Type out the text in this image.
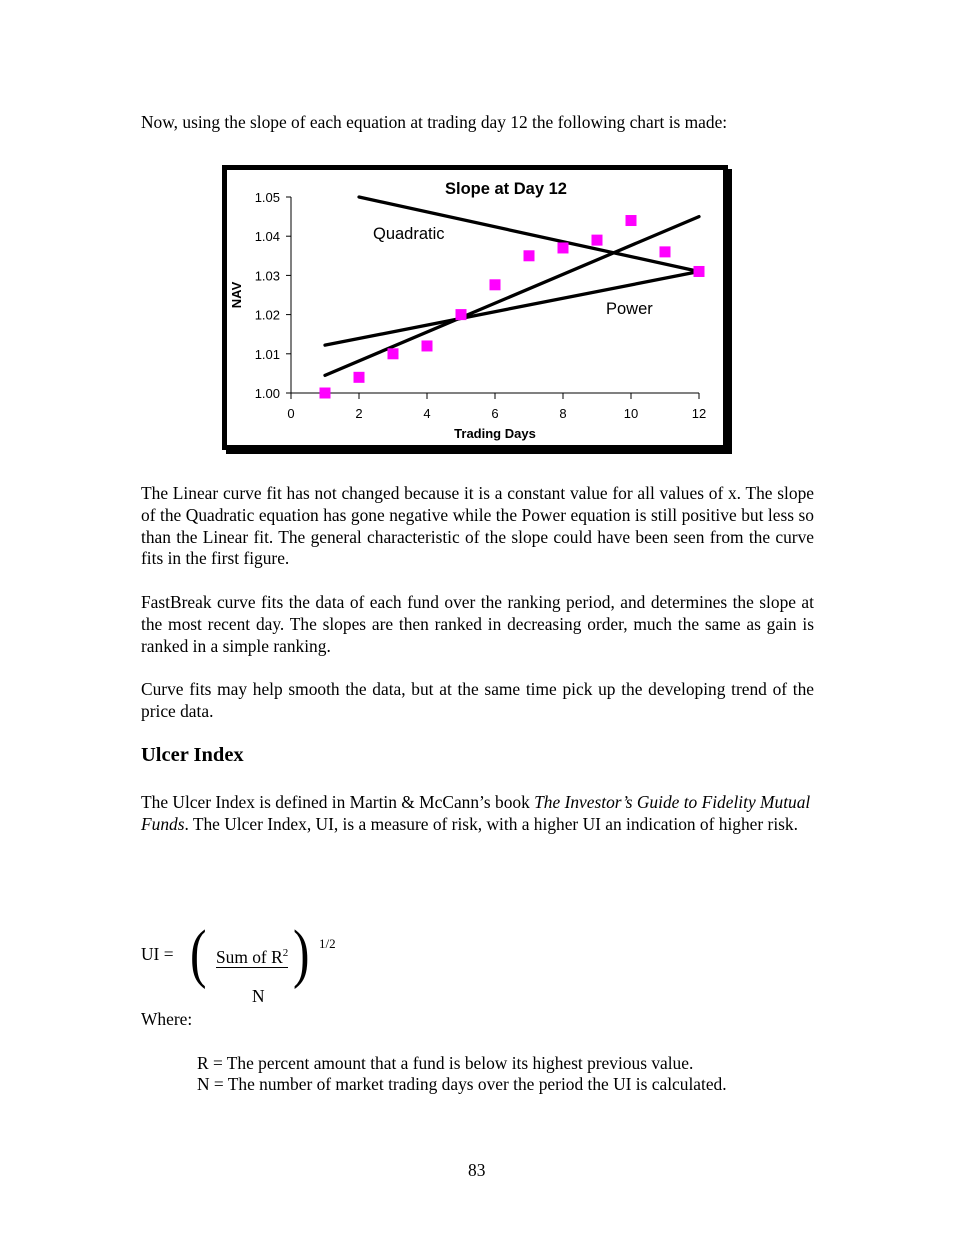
Now, using the slope of each equation at trading day 12 the following chart is made:

1.00
1.01
1.02
1.03
1.04
1.05
0	2	4	6	8	10	12
Slope at Day 12
Trading Days
NAV
Quadratic
Power

The Linear curve fit has not changed because it is a constant value for all values of x. The slope of the Quadratic equation has gone negative while the Power equation is still positive but less so than the Linear fit. The general characteristic of the slope could have been seen from the curve fits in the first figure.

FastBreak curve fits the data of each fund over the ranking period, and determines the slope at the most recent day. The slopes are then ranked in decreasing order, much the same as gain is ranked in a simple ranking.

Curve fits may help smooth the data, but at the same time pick up the developing trend of the price data.

Ulcer Index

The Ulcer Index is defined in Martin & McCann’s book The Investor’s Guide to Fidelity Mutual Funds. The Ulcer Index, UI, is a measure of risk, with a higher UI an indication of higher risk.

UI = ( Sum of $R^2$
N
) 1/2
Where:
R = The percent amount that a fund is below its highest previous value.
N = The number of market trading days over the period the UI is calculated.
83
